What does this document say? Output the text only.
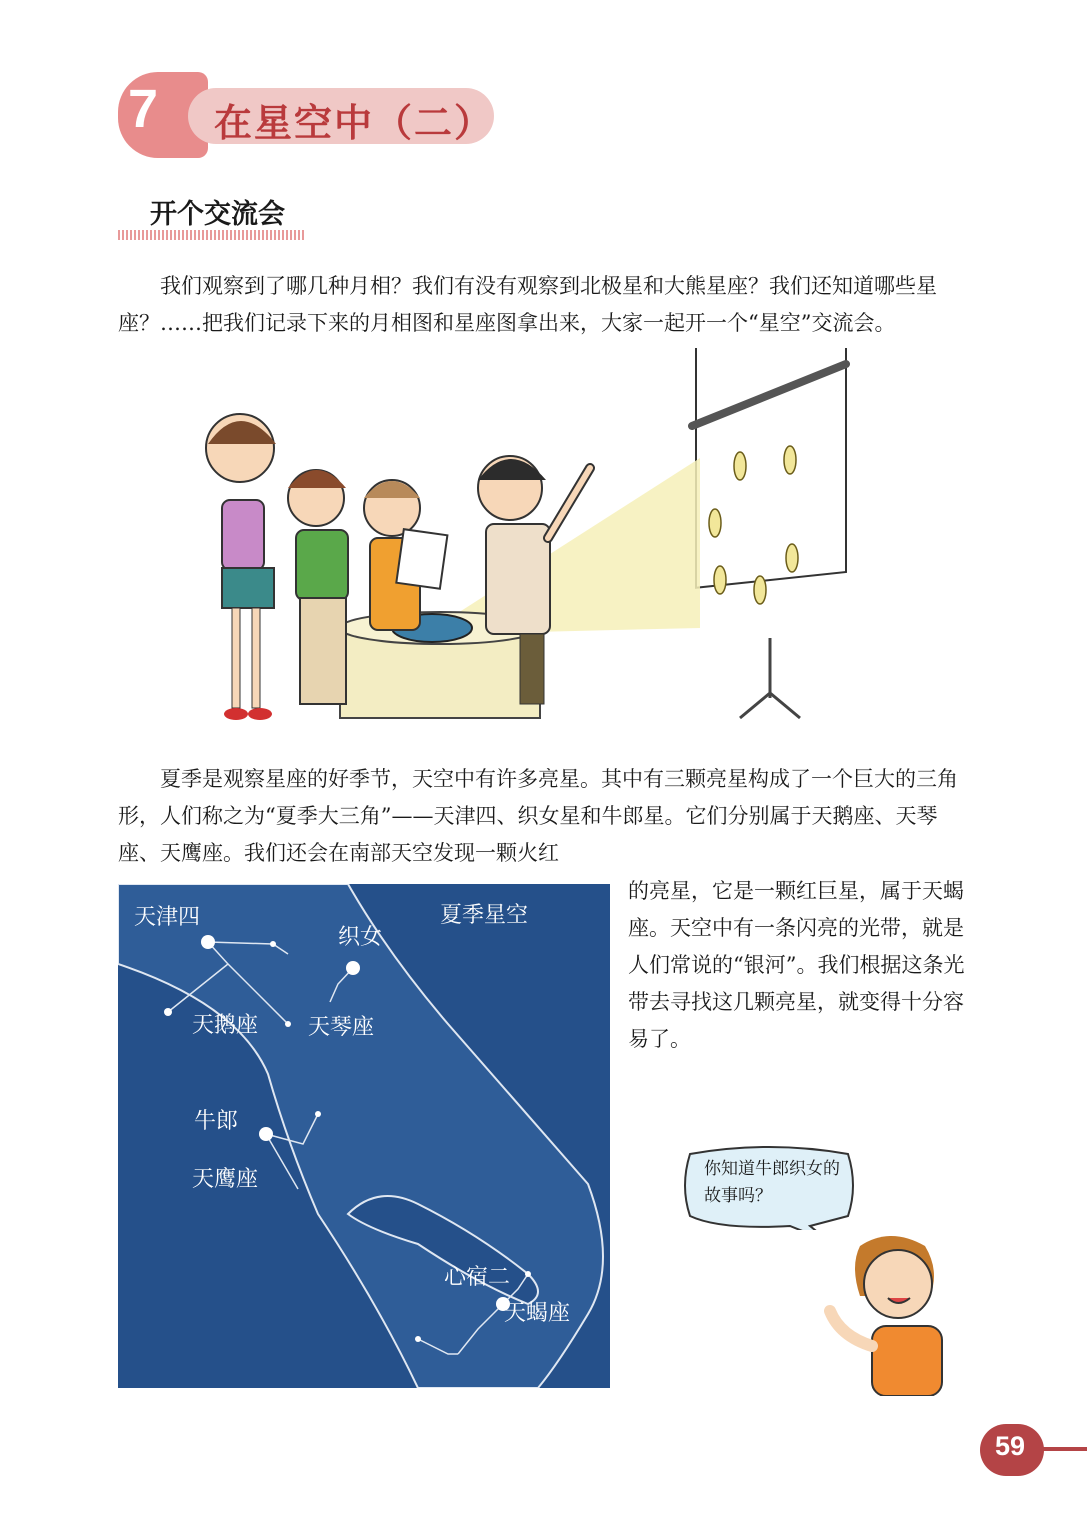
7 在星空中（二）
开个交流会

我们观察到了哪几种月相？我们有没有观察到北极星和大熊星座？我们还知道哪些星座？……把我们记录下来的月相图和星座图拿出来，大家一起开一个“星空”交流会。

夏季是观察星座的好季节，天空中有许多亮星。其中有三颗亮星构成了一个巨大的三角形，人们称之为“夏季大三角”——天津四、织女星和牛郎星。它们分别属于天鹅座、天琴座、天鹰座。我们还会在南部天空发现一颗火红

天津四
织女
天鹅座 天琴座
牛郎
天鹰座
心宿二
天蝎座
夏季星空

的亮星，它是一颗红巨星，属于天蝎座。天空中有一条闪亮的光带，就是人们常说的“银河”。我们根据这条光带去寻找这几颗亮星，就变得十分容易了。

你知道牛郎织女的故事吗？
59
